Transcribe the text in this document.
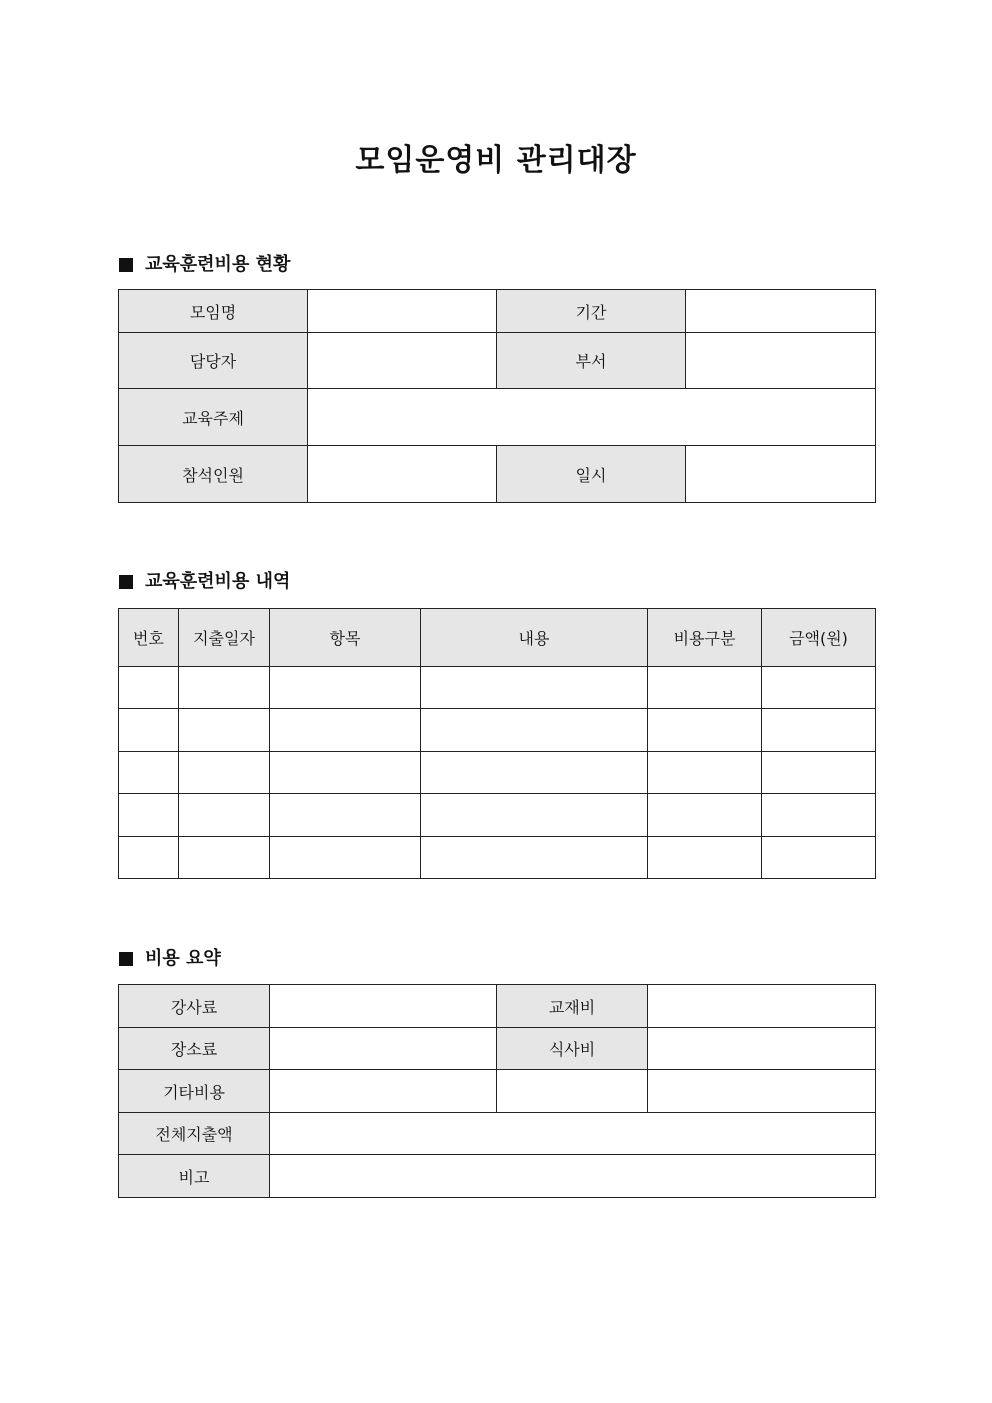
모임운영비 관리대장
교육훈련비용 현황
모임명		기간	
담당자		부서	
교육주제			
참석인원		일시	
교육훈련비용 내역
번호	지출일자	항목	내용	비용구분	금액(원)

비용 요약
강사료		교재비	
장소료		식사비	
기타비용			
전체지출액			
비고			
